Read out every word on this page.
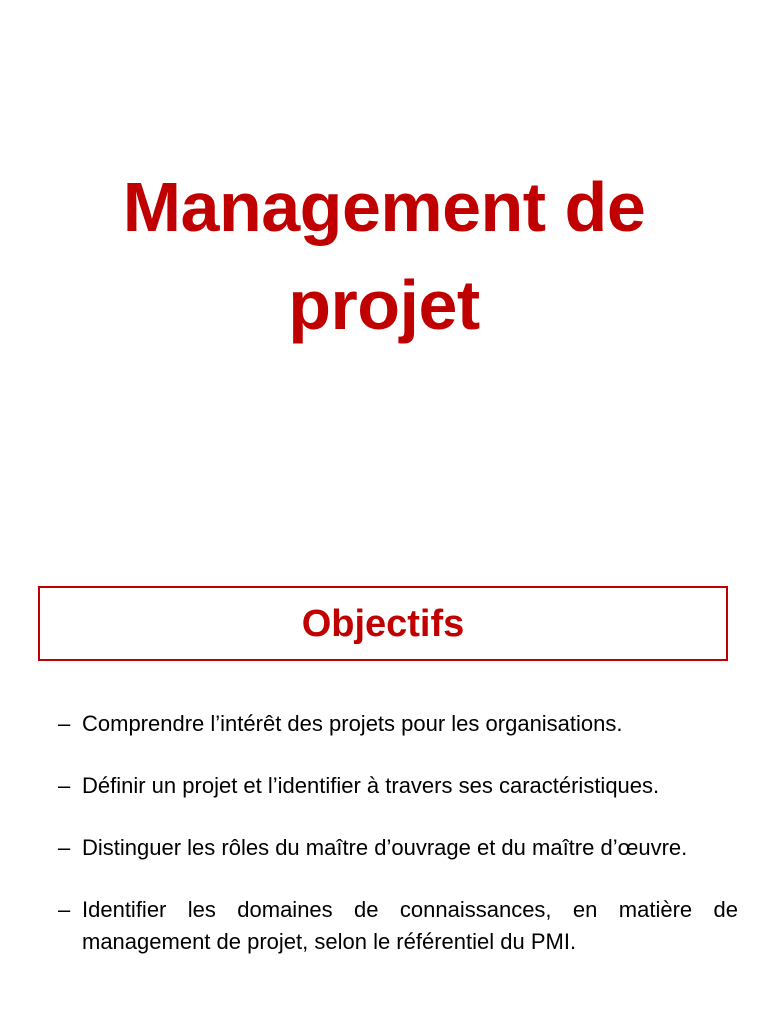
Management de
projet
Objectifs
– Comprendre l’intérêt des projets pour les organisations.
– Définir un projet et l’identifier à travers ses caractéristiques.
– Distinguer les rôles du maître d’ouvrage et du maître d’œuvre.
– Identifier les domaines de connaissances, en matière de management de projet, selon le référentiel du PMI.
